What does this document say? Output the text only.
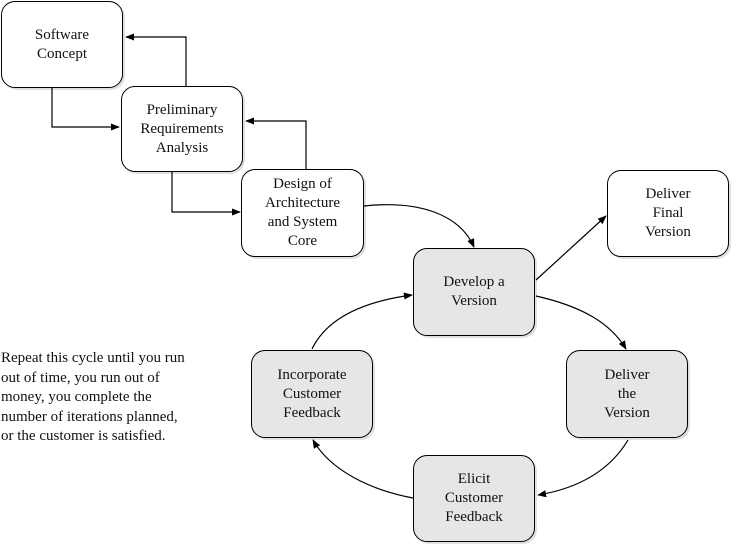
Software
Concept
Preliminary
Requirements
Analysis
Design of
Architecture
and System
Core
Develop a
Version
Deliver
Final
Version
Deliver
the
Version
Elicit
Customer
Feedback
Incorporate
Customer
Feedback
Repeat this cycle until you run
out of time, you run out of
money, you complete the
number of iterations planned,
or the customer is satisfied.
